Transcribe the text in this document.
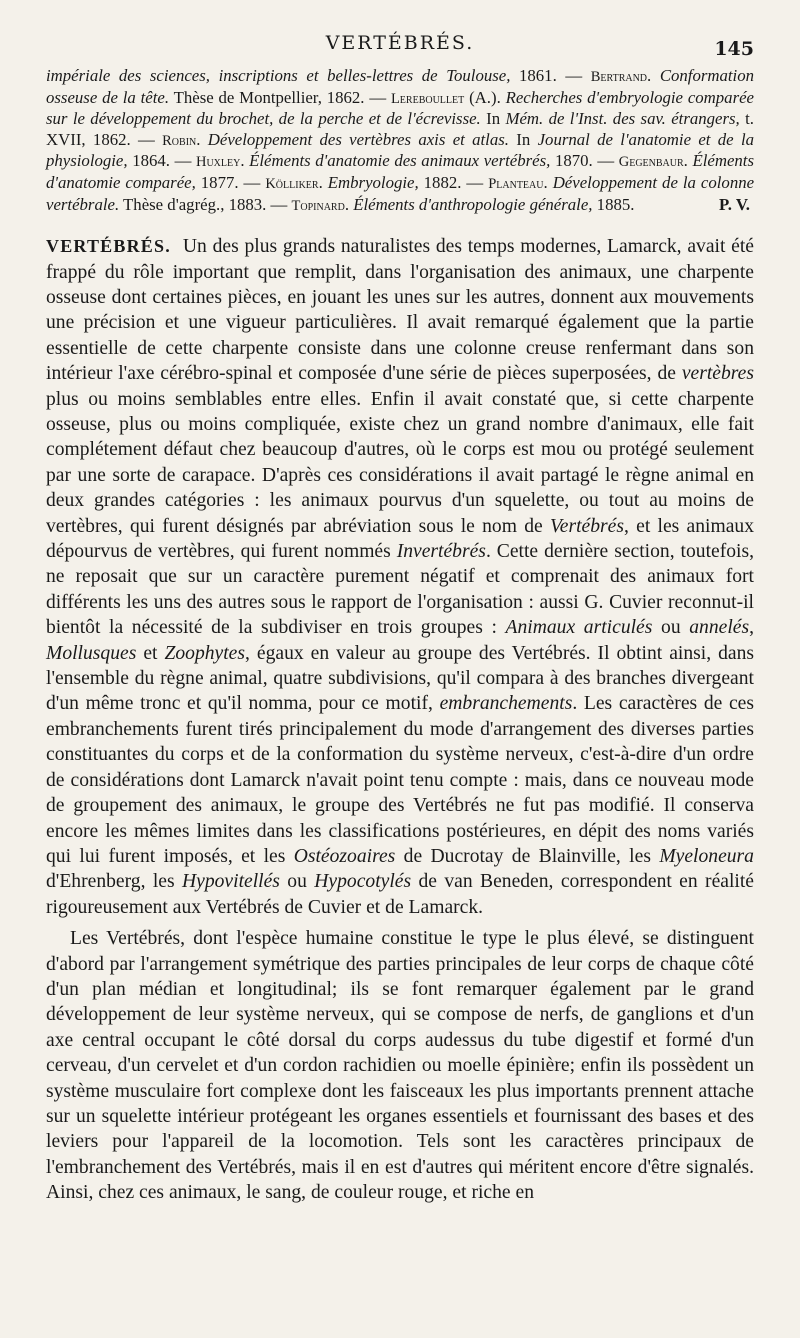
VERTÉBRÉS.	145
impériale des sciences, inscriptions et belles-lettres de Toulouse, 1861. — Bertrand. Conformation osseuse de la tête. Thèse de Montpellier, 1862. — Lereboullet (A.). Recherches d'embryologie comparée sur le développement du brochet, de la perche et de l'écrevisse. In Mém. de l'Inst. des sav. étrangers, t. XVII, 1862. — Robin. Développement des vertèbres axis et atlas. In Journal de l'anatomie et de la physiologie, 1864. — Huxley. Éléments d'anatomie des animaux vertébrés, 1870. — Gegenbaur. Éléments d'anatomie comparée, 1877. — Kölliker. Embryologie, 1882. — Planteau. Développement de la colonne vertébrale. Thèse d'agrég., 1883. — Topinard. Éléments d'anthropologie générale, 1885.	P. V.

VERTÉBRÉS. Un des plus grands naturalistes des temps modernes, Lamarck, avait été frappé du rôle important que remplit, dans l'organisation des animaux, une charpente osseuse dont certaines pièces, en jouant les unes sur les autres, donnent aux mouvements une précision et une vigueur particulières. Il avait remarqué également que la partie essentielle de cette charpente consiste dans une colonne creuse renfermant dans son intérieur l'axe cérébro-spinal et composée d'une série de pièces superposées, de vertèbres plus ou moins semblables entre elles. Enfin il avait constaté que, si cette charpente osseuse, plus ou moins compliquée, existe chez un grand nombre d'animaux, elle fait complétement défaut chez beaucoup d'autres, où le corps est mou ou protégé seulement par une sorte de carapace. D'après ces considérations il avait partagé le règne animal en deux grandes catégories : les animaux pourvus d'un squelette, ou tout au moins de vertèbres, qui furent désignés par abréviation sous le nom de Vertébrés, et les animaux dépourvus de vertèbres, qui furent nommés Invertébrés. Cette dernière section, toutefois, ne reposait que sur un caractère purement négatif et comprenait des animaux fort différents les uns des autres sous le rapport de l'organisation : aussi G. Cuvier reconnut-il bientôt la nécessité de la subdiviser en trois groupes : Animaux articulés ou annelés, Mollusques et Zoophytes, égaux en valeur au groupe des Vertébrés. Il obtint ainsi, dans l'ensemble du règne animal, quatre subdivisions, qu'il compara à des branches divergeant d'un même tronc et qu'il nomma, pour ce motif, embranchements. Les caractères de ces embranchements furent tirés principalement du mode d'arrangement des diverses parties constituantes du corps et de la conformation du système nerveux, c'est-à-dire d'un ordre de considérations dont Lamarck n'avait point tenu compte : mais, dans ce nouveau mode de groupement des animaux, le groupe des Vertébrés ne fut pas modifié. Il conserva encore les mêmes limites dans les classifications postérieures, en dépit des noms variés qui lui furent imposés, et les Ostéozoaires de Ducrotay de Blainville, les Myeloneura d'Ehrenberg, les Hypovitellés ou Hypocotylés de van Beneden, correspondent en réalité rigoureusement aux Vertébrés de Cuvier et de Lamarck.

Les Vertébrés, dont l'espèce humaine constitue le type le plus élevé, se distinguent d'abord par l'arrangement symétrique des parties principales de leur corps de chaque côté d'un plan médian et longitudinal; ils se font remarquer également par le grand développement de leur système nerveux, qui se compose de nerfs, de ganglions et d'un axe central occupant le côté dorsal du corps audessus du tube digestif et formé d'un cerveau, d'un cervelet et d'un cordon rachidien ou moelle épinière; enfin ils possèdent un système musculaire fort complexe dont les faisceaux les plus importants prennent attache sur un squelette intérieur protégeant les organes essentiels et fournissant des bases et des leviers pour l'appareil de la locomotion. Tels sont les caractères principaux de l'embranchement des Vertébrés, mais il en est d'autres qui méritent encore d'être signalés. Ainsi, chez ces animaux, le sang, de couleur rouge, et riche en
